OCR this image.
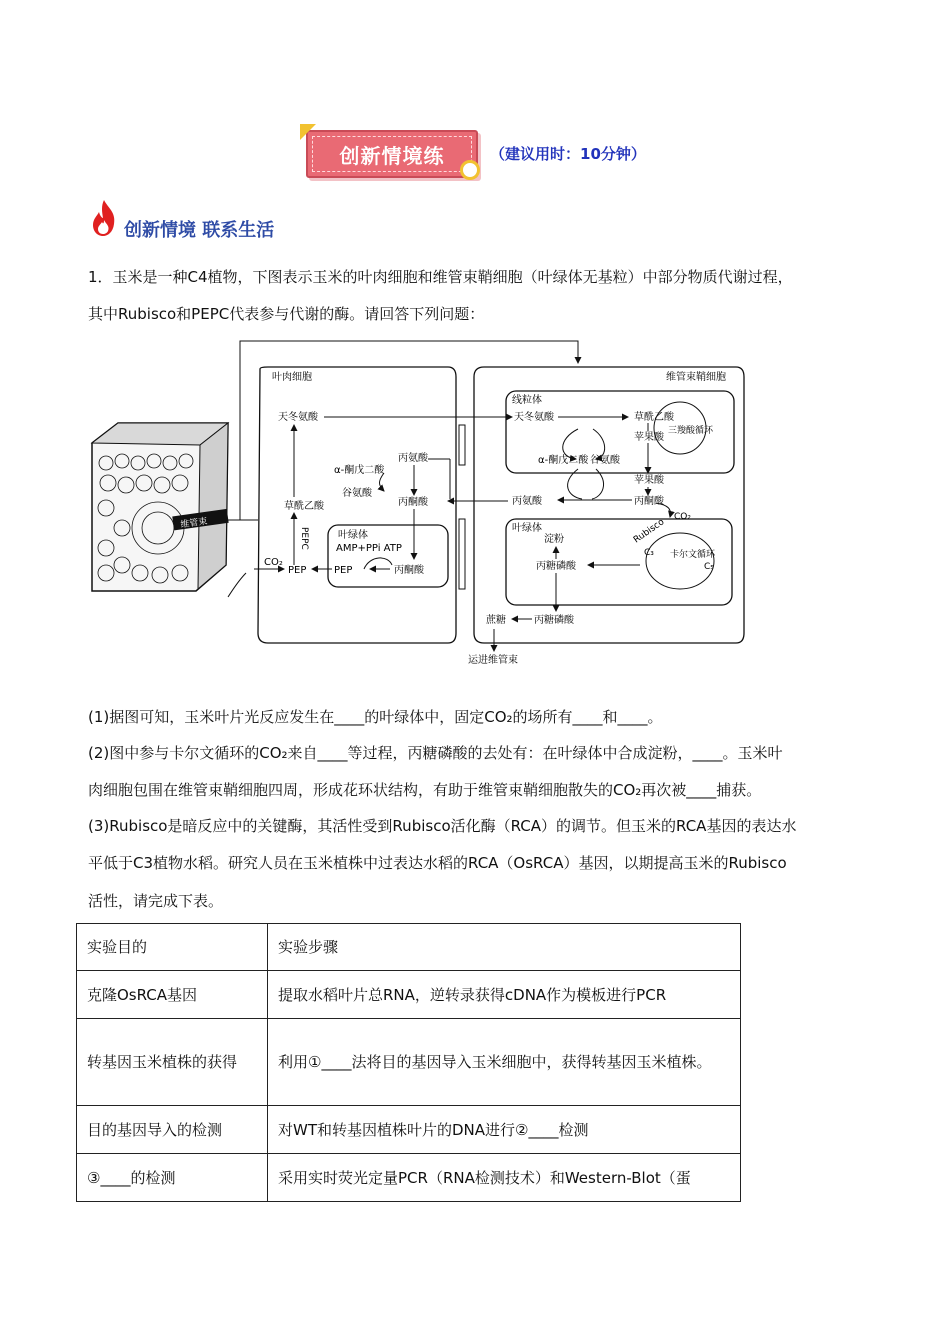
创新情境练	（建议用时：10分钟）
创新情境 联系生活
1．玉米是一种C4植物，下图表示玉米的叶肉细胞和维管束鞘细胞（叶绿体无基粒）中部分物质代谢过程，
其中Rubisco和PEPC代表参与代谢的酶。请回答下列问题：
维管束
叶肉细胞	维管束鞘细胞
线粒体
叶绿体
叶绿体
天冬氨酸
草酰乙酸
α-酮戊二酸
谷氨酸
丙氨酸
丙酮酸
PEP	PEP	丙酮酸
AMP+PPi ATP
CO₂
PEPC
天冬氨酸	草酰乙酸
苹果酸
三羧酸循环
α-酮戊二酸 谷氨酸
苹果酸
丙酮酸
丙氨酸
CO₂
Rubisco
C₃
C₅
卡尔文循环
淀粉
丙糖磷酸
丙糖磷酸
蔗糖
运进维管束
(1)据图可知，玉米叶片光反应发生在____的叶绿体中，固定CO₂的场所有____和____。
(2)图中参与卡尔文循环的CO₂来自____等过程，丙糖磷酸的去处有：在叶绿体中合成淀粉，____。玉米叶
肉细胞包围在维管束鞘细胞四周，形成花环状结构，有助于维管束鞘细胞散失的CO₂再次被____捕获。
(3)Rubisco是暗反应中的关键酶，其活性受到Rubisco活化酶（RCA）的调节。但玉米的RCA基因的表达水
平低于C3植物水稻。研究人员在玉米植株中过表达水稻的RCA（OsRCA）基因，以期提高玉米的Rubisco
活性，请完成下表。
实验目的	实验步骤
克隆OsRCA基因	提取水稻叶片总RNA，逆转录获得cDNA作为模板进行PCR
转基因玉米植株的获得	利用①____法将目的基因导入玉米细胞中，获得转基因玉米植株。
目的基因导入的检测	对WT和转基因植株叶片的DNA进行②____检测
③____的检测	采用实时荧光定量PCR（RNA检测技术）和Western-Blot（蛋
